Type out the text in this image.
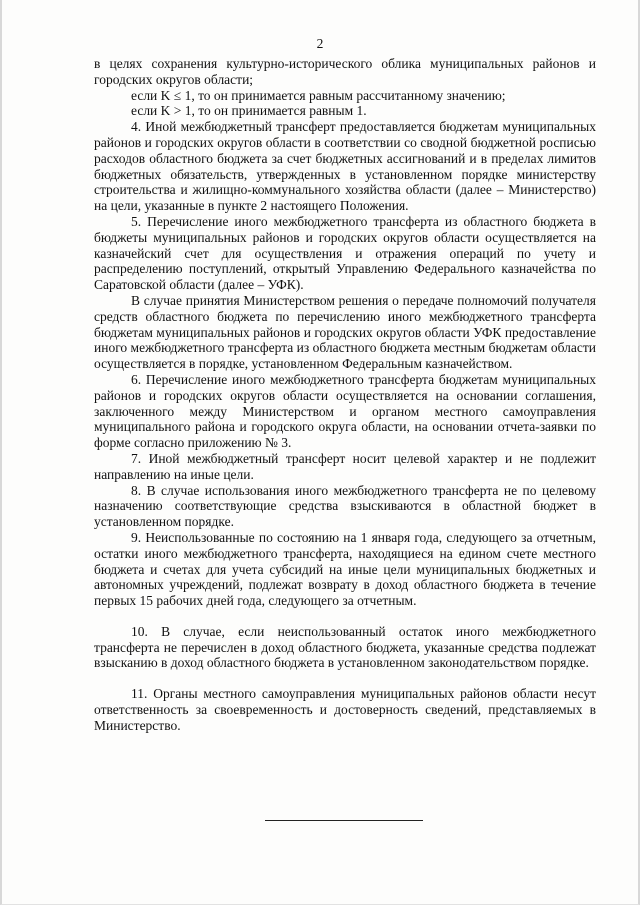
2

в целях сохранения культурно-исторического облика муниципальных районов и городских округов области;

если K ≤ 1, то он принимается равным рассчитанному значению;

если K > 1, то он принимается равным 1.

4. Иной межбюджетный трансферт предоставляется бюджетам муниципальных районов и городских округов области в соответствии со сводной бюджетной росписью расходов областного бюджета за счет бюджетных ассигнований и в пределах лимитов бюджетных обязательств, утвержденных в установленном порядке министерству строительства и жилищно-коммунального хозяйства области (далее – Министерство) на цели, указанные в пункте 2 настоящего Положения.

5. Перечисление иного межбюджетного трансферта из областного бюджета в бюджеты муниципальных районов и городских округов области осуществляется на казначейский счет для осуществления и отражения операций по учету и распределению поступлений, открытый Управлению Федерального казначейства по Саратовской области (далее – УФК).

В случае принятия Министерством решения о передаче полномочий получателя средств областного бюджета по перечислению иного межбюджетного трансферта бюджетам муниципальных районов и городских округов области УФК предоставление иного межбюджетного трансферта из областного бюджета местным бюджетам области осуществляется в порядке, установленном Федеральным казначейством.

6. Перечисление иного межбюджетного трансферта бюджетам муниципальных районов и городских округов области осуществляется на основании соглашения, заключенного между Министерством и органом местного самоуправления муниципального района и городского округа области, на основании отчета-заявки по форме согласно приложению № 3.

7. Иной межбюджетный трансферт носит целевой характер и не подлежит направлению на иные цели.

8. В случае использования иного межбюджетного трансферта не по целевому назначению соответствующие средства взыскиваются в областной бюджет в установленном порядке.

9. Неиспользованные по состоянию на 1 января года, следующего за отчетным, остатки иного межбюджетного трансферта, находящиеся на едином счете местного бюджета и счетах для учета субсидий на иные цели муниципальных бюджетных и автономных учреждений, подлежат возврату в доход областного бюджета в течение первых 15 рабочих дней года, следующего за отчетным.

10. В случае, если неиспользованный остаток иного межбюджетного трансферта не перечислен в доход областного бюджета, указанные средства подлежат взысканию в доход областного бюджета в установленном законодательством порядке.

11. Органы местного самоуправления муниципальных районов области несут ответственность за своевременность и достоверность сведений, представляемых в Министерство.
